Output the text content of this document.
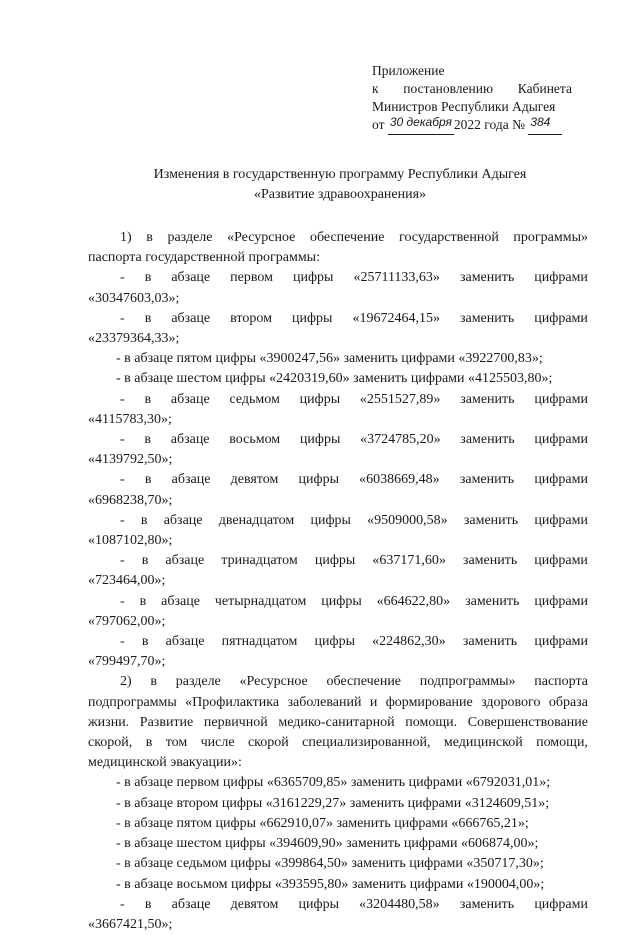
Приложение
к постановлению Кабинета
Министров Республики Адыгея
от
30 декабря 2022 года №
384
Изменения в государственную программу Республики Адыгея
«Развитие здравоохранения»
1) в разделе «Ресурсное обеспечение государственной программы»
паспорта государственной программы:
- в абзаце первом цифры «25711133,63» заменить цифрами
«30347603,03»;
- в абзаце втором цифры «19672464,15» заменить цифрами
«23379364,33»;
- в абзаце пятом цифры «3900247,56» заменить цифрами «3922700,83»;
- в абзаце шестом цифры «2420319,60» заменить цифрами «4125503,80»;
- в абзаце седьмом цифры «2551527,89» заменить цифрами
«4115783,30»;
- в абзаце восьмом цифры «3724785,20» заменить цифрами
«4139792,50»;
- в абзаце девятом цифры «6038669,48» заменить цифрами
«6968238,70»;
- в абзаце двенадцатом цифры «9509000,58» заменить цифрами
«1087102,80»;
- в абзаце тринадцатом цифры «637171,60» заменить цифрами
«723464,00»;
- в абзаце четырнадцатом цифры «664622,80» заменить цифрами
«797062,00»;
- в абзаце пятнадцатом цифры «224862,30» заменить цифрами
«799497,70»;
2) в разделе «Ресурсное обеспечение подпрограммы» паспорта
подпрограммы «Профилактика заболеваний и формирование здорового образа
жизни. Развитие первичной медико-санитарной помощи. Совершенствование
скорой, в том числе скорой специализированной, медицинской помощи,
медицинской эвакуации»:
- в абзаце первом цифры «6365709,85» заменить цифрами «6792031,01»;
- в абзаце втором цифры «3161229,27» заменить цифрами «3124609,51»;
- в абзаце пятом цифры «662910,07» заменить цифрами «666765,21»;
- в абзаце шестом цифры «394609,90» заменить цифрами «606874,00»;
- в абзаце седьмом цифры «399864,50» заменить цифрами «350717,30»;
- в абзаце восьмом цифры «393595,80» заменить цифрами «190004,00»;
- в абзаце девятом цифры «3204480,58» заменить цифрами
«3667421,50»;
